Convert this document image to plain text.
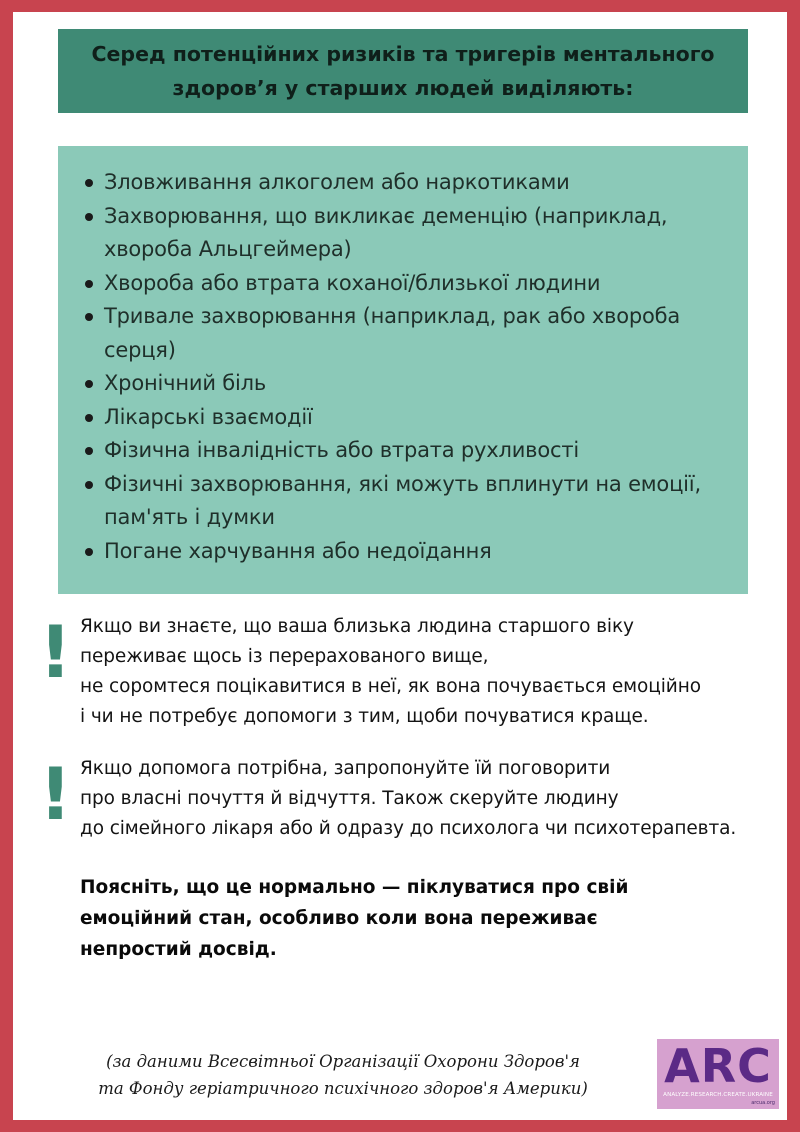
Серед потенційних ризиків та тригерів ментального здоров’я у старших людей виділяють:
Зловживання алкоголем або наркотиками
Захворювання, що викликає деменцію (наприклад, хвороба Альцгеймера)
Хвороба або втрата коханої/близької людини
Тривале захворювання (наприклад, рак або хвороба серця)
Хронічний біль
Лікарські взаємодії
Фізична інвалідність або втрата рухливості
Фізичні захворювання, які можуть вплинути на емоції, пам'ять і думки
Погане харчування або недоїдання
! Якщо ви знаєте, що ваша близька людина старшого віку

переживає щось із перерахованого вище,

не соромтеся поцікавитися в неї, як вона почувається емоційно

і чи не потребує допомоги з тим, щоби почуватися краще.

! Якщо допомога потрібна, запропонуйте їй поговорити

про власні почуття й відчуття. Також скеруйте людину

до сімейного лікаря або й одразу до психолога чи психотерапевта.

Поясніть, що це нормально — піклуватися про свій
емоційний стан, особливо коли вона переживає
непростий досвід.
(за даними Всесвітньої Організації Охорони Здоров'я
та Фонду геріатричного психічного здоров'я Америки)	ARC
ANALYZE.RESEARCH.CREATE.UKRAINE
arcua.org
